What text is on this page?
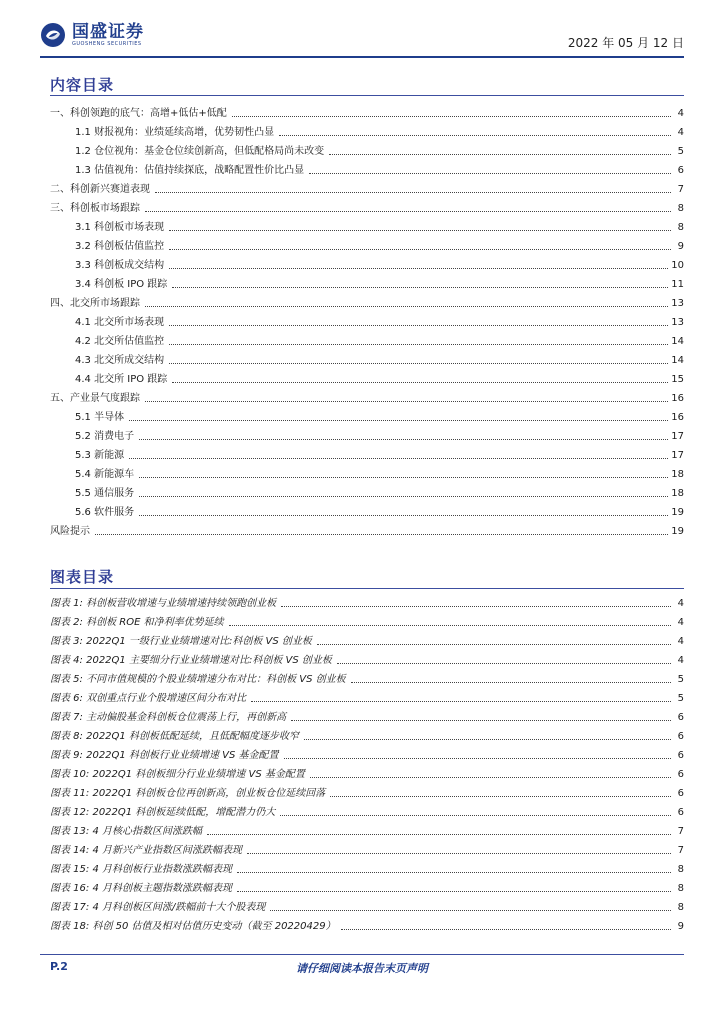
国盛证券
GUOSHENG SECURITIES	2022 年 05 月 12 日
内容目录
一、科创领跑的底气：高增+低估+低配	4
1.1 财报视角：业绩延续高增，优势韧性凸显	4
1.2 仓位视角：基金仓位续创新高，但低配格局尚未改变	5
1.3 估值视角：估值持续探底，战略配置性价比凸显	6
二、科创新兴赛道表现	7
三、科创板市场跟踪	8
3.1 科创板市场表现	8
3.2 科创板估值监控	9
3.3 科创板成交结构	10
3.4 科创板 IPO 跟踪	11
四、北交所市场跟踪	13
4.1 北交所市场表现	13
4.2 北交所估值监控	14
4.3 北交所成交结构	14
4.4 北交所 IPO 跟踪	15
五、产业景气度跟踪	16
5.1 半导体	16
5.2 消费电子	17
5.3 新能源	17
5.4 新能源车	18
5.5 通信服务	18
5.6 软件服务	19
风险提示	19
图表目录
图表 1: 科创板营收增速与业绩增速持续领跑创业板	4
图表 2: 科创板 ROE 和净利率优势延续	4
图表 3: 2022Q1 一级行业业绩增速对比:科创板 VS 创业板	4
图表 4: 2022Q1 主要细分行业业绩增速对比:科创板 VS 创业板	4
图表 5: 不同市值规模的个股业绩增速分布对比：科创板 VS 创业板	5
图表 6: 双创重点行业个股增速区间分布对比	5
图表 7: 主动偏股基金科创板仓位震荡上行，再创新高	6
图表 8: 2022Q1 科创板低配延续，且低配幅度逐步收窄	6
图表 9: 2022Q1 科创板行业业绩增速 VS 基金配置	6
图表 10: 2022Q1 科创板细分行业业绩增速 VS 基金配置	6
图表 11: 2022Q1 科创板仓位再创新高，创业板仓位延续回落	6
图表 12: 2022Q1 科创板延续低配，增配潜力仍大	6
图表 13: 4 月核心指数区间涨跌幅	7
图表 14: 4 月新兴产业指数区间涨跌幅表现	7
图表 15: 4 月科创板行业指数涨跌幅表现	8
图表 16: 4 月科创板主题指数涨跌幅表现	8
图表 17: 4 月科创板区间涨/跌幅前十大个股表现	8
图表 18: 科创 50 估值及相对估值历史变动（截至 20220429）	9
P.2	请仔细阅读本报告末页声明
